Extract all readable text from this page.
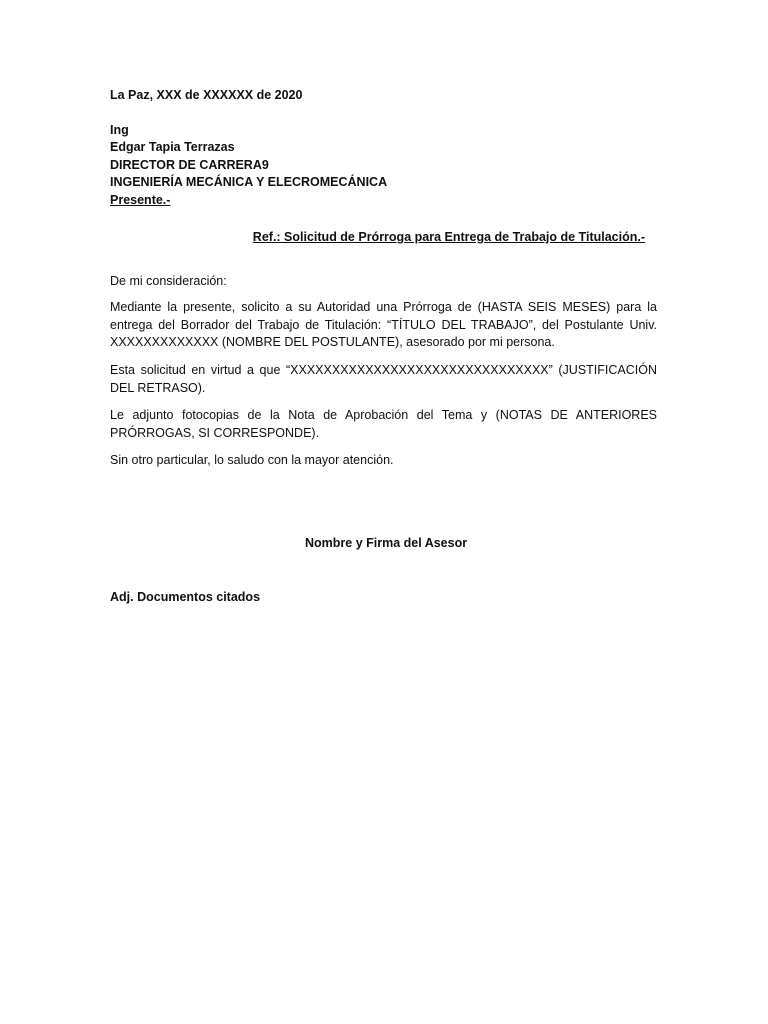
La Paz, XXX de XXXXXX de 2020
Ing
Edgar Tapia Terrazas
DIRECTOR DE CARRERA9
INGENIERÍA MECÁNICA Y ELECROMECÁNICA
Presente.-
Ref.: Solicitud de Prórroga para Entrega de Trabajo de Titulación.-
De mi consideración:

Mediante la presente, solicito a su Autoridad una Prórroga de (HASTA SEIS MESES) para la entrega del Borrador del Trabajo de Titulación: “TÍTULO DEL TRABAJO”, del Postulante Univ. XXXXXXXXXXXXX (NOMBRE DEL POSTULANTE), asesorado por mi persona.

Esta solicitud en virtud a que “XXXXXXXXXXXXXXXXXXXXXXXXXXXXXXX” (JUSTIFICACIÓN DEL RETRASO).

Le adjunto fotocopias de la Nota de Aprobación del Tema y (NOTAS DE ANTERIORES PRÓRROGAS, SI CORRESPONDE).

Sin otro particular, lo saludo con la mayor atención.

Nombre y Firma del Asesor
Adj. Documentos citados
